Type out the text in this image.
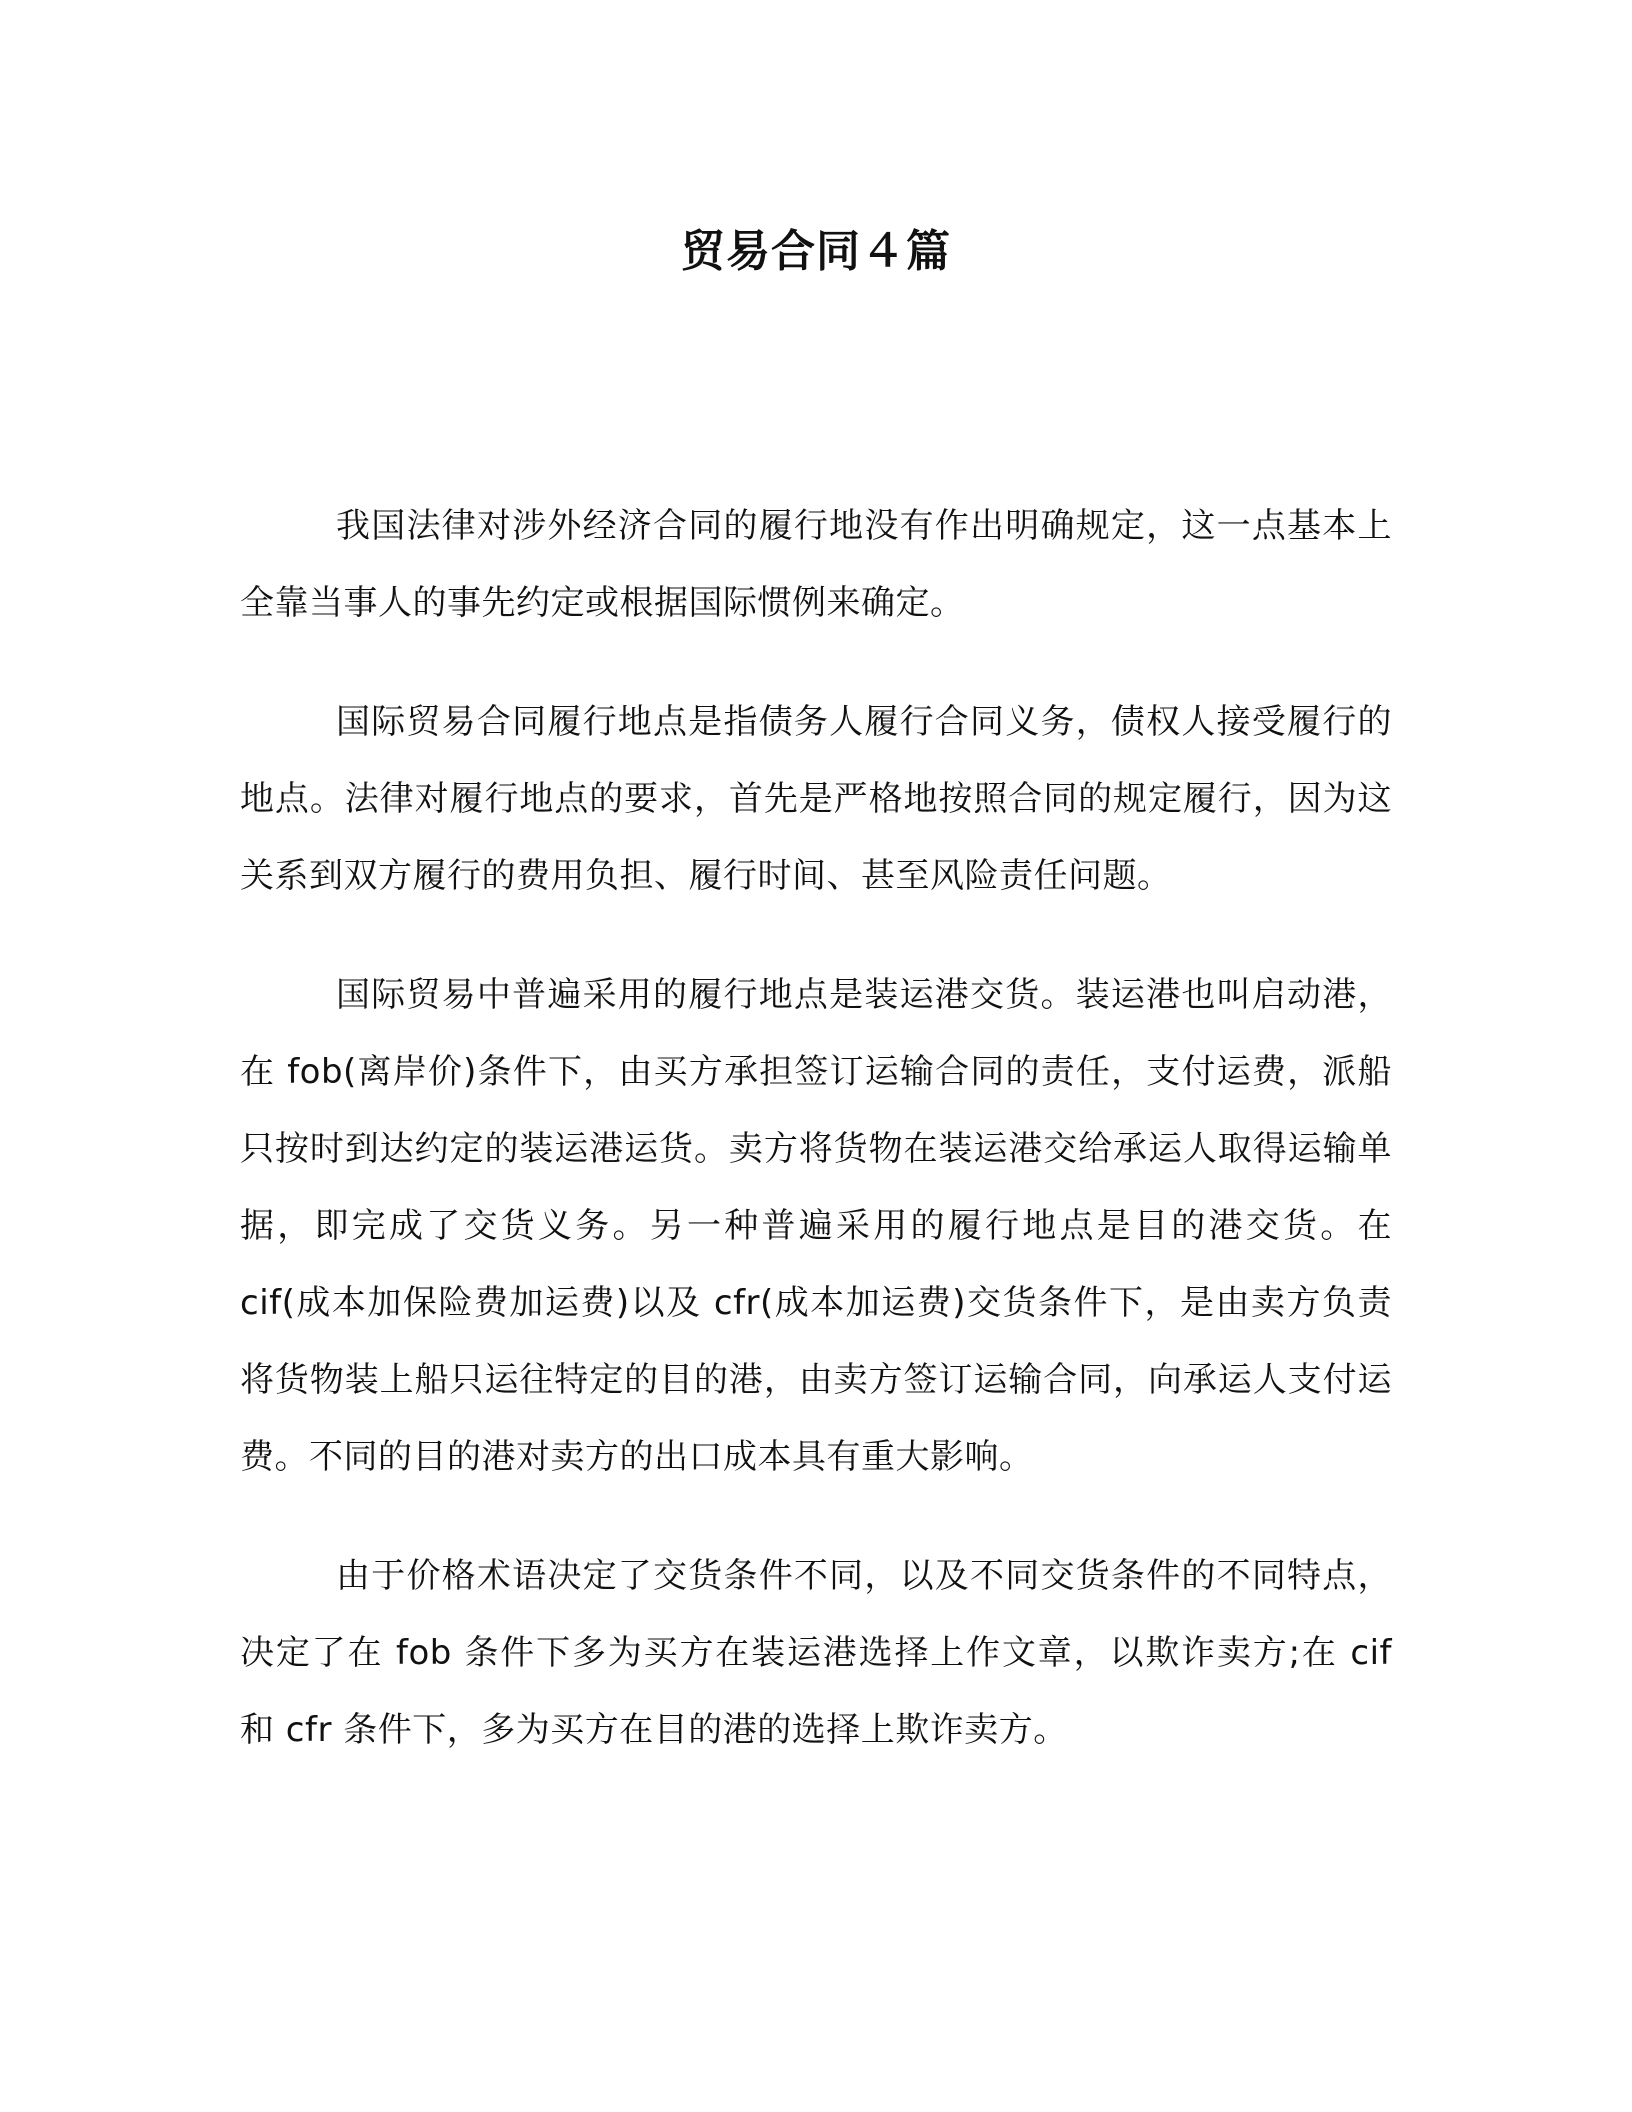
贸易合同４篇

我国法律对涉外经济合同的履行地没有作出明确规定，这一点基本上全靠当事人的事先约定或根据国际惯例来确定。

国际贸易合同履行地点是指债务人履行合同义务，债权人接受履行的地点。法律对履行地点的要求，首先是严格地按照合同的规定履行，因为这关系到双方履行的费用负担、履行时间、甚至风险责任问题。

国际贸易中普遍采用的履行地点是装运港交货。装运港也叫启动港，在 fob(离岸价)条件下，由买方承担签订运输合同的责任，支付运费，派船只按时到达约定的装运港运货。卖方将货物在装运港交给承运人取得运输单据，即完成了交货义务。另一种普遍采用的履行地点是目的港交货。在 cif(成本加保险费加运费)以及 cfr(成本加运费)交货条件下，是由卖方负责将货物装上船只运往特定的目的港，由卖方签订运输合同，向承运人支付运费。不同的目的港对卖方的出口成本具有重大影响。

由于价格术语决定了交货条件不同，以及不同交货条件的不同特点，决定了在 fob 条件下多为买方在装运港选择上作文章，以欺诈卖方;在 cif 和 cfr 条件下，多为买方在目的港的选择上欺诈卖方。
